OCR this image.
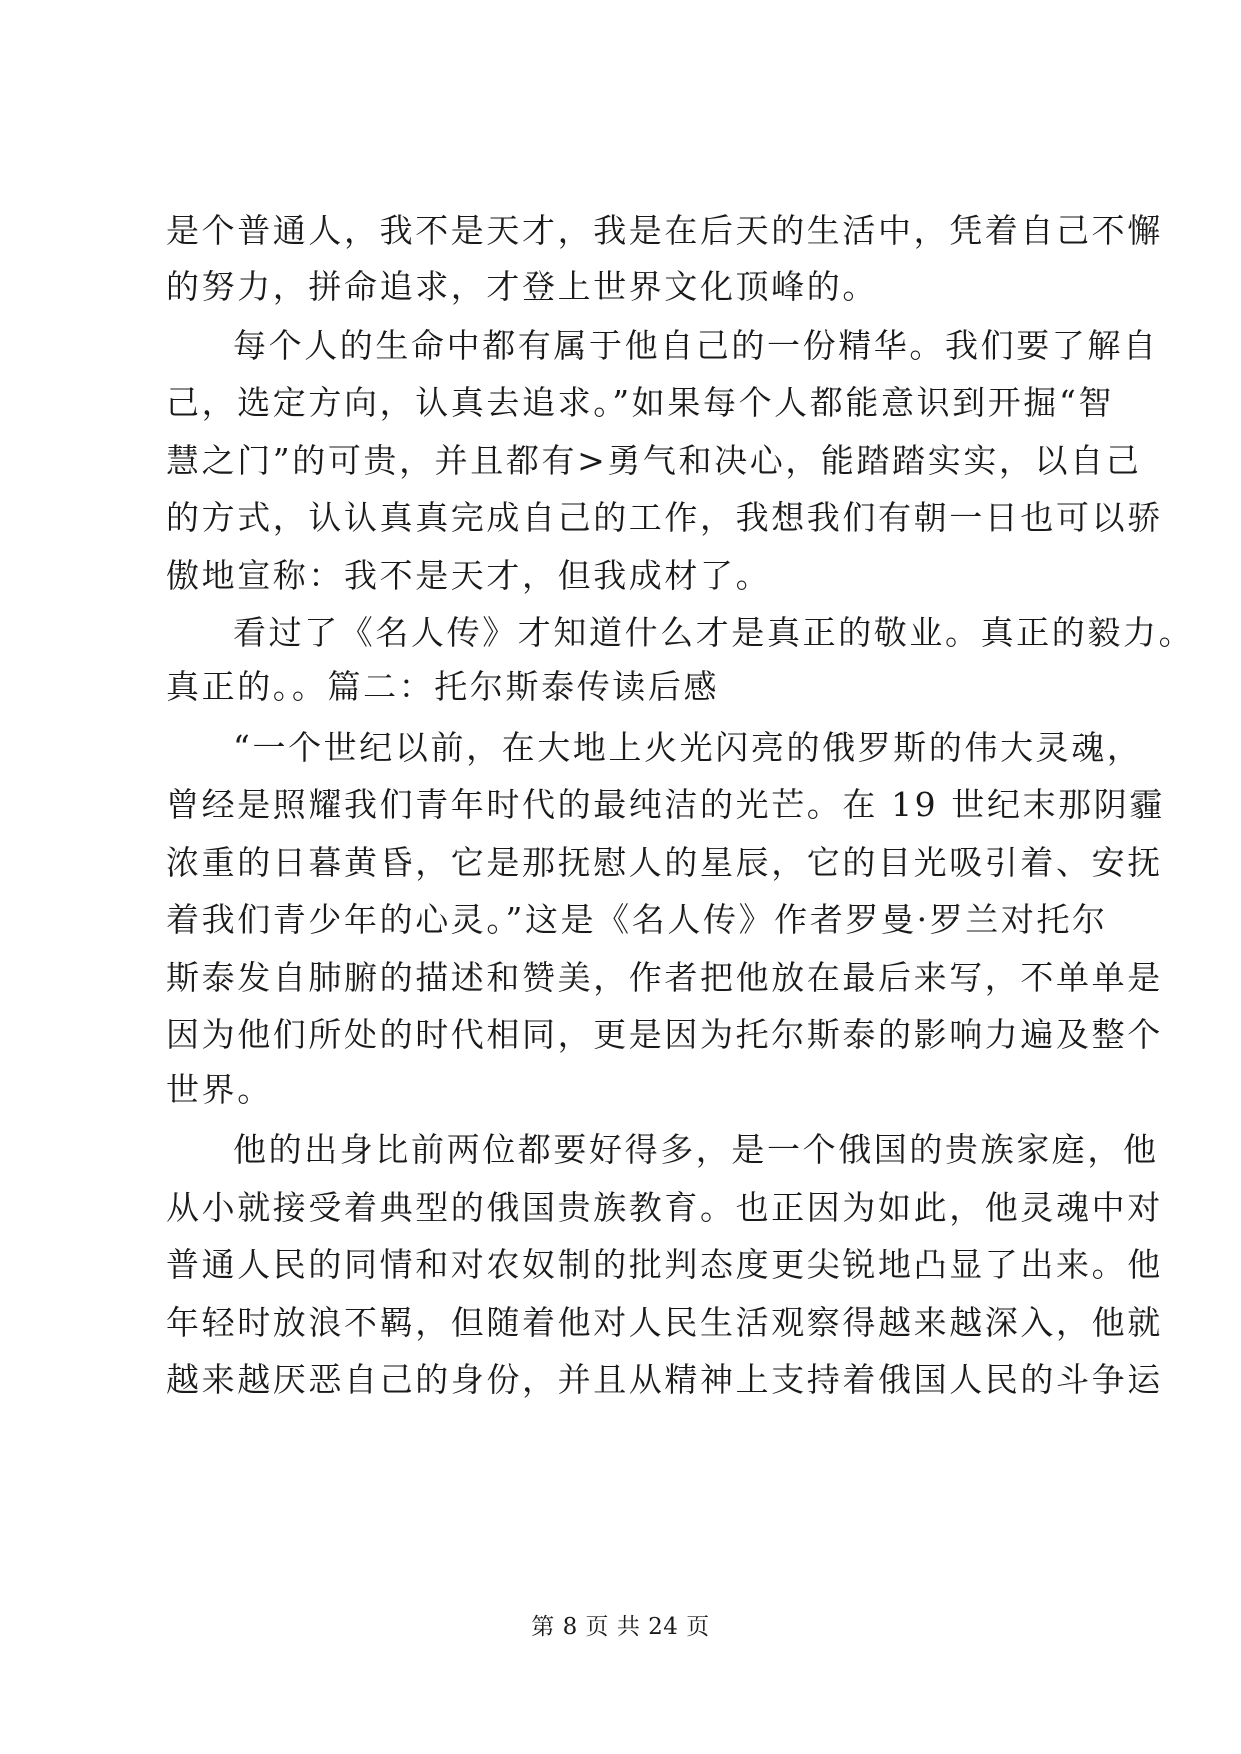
是个普通人，我不是天才，我是在后天的生活中，凭着自己不懈
的努力，拼命追求，才登上世界文化顶峰的。
每个人的生命中都有属于他自己的一份精华。我们要了解自
己，选定方向，认真去追求。”如果每个人都能意识到开掘“智
慧之门”的可贵，并且都有>勇气和决心，能踏踏实实，以自己
的方式，认认真真完成自己的工作，我想我们有朝一日也可以骄
傲地宣称：我不是天才，但我成材了。
看过了《名人传》才知道什么才是真正的敬业。真正的毅力。
真正的。。篇二：托尔斯泰传读后感
“一个世纪以前，在大地上火光闪亮的俄罗斯的伟大灵魂，
曾经是照耀我们青年时代的最纯洁的光芒。在 19 世纪末那阴霾
浓重的日暮黄昏，它是那抚慰人的星辰，它的目光吸引着、安抚
着我们青少年的心灵。”这是《名人传》作者罗曼·罗兰对托尔
斯泰发自肺腑的描述和赞美，作者把他放在最后来写，不单单是
因为他们所处的时代相同，更是因为托尔斯泰的影响力遍及整个
世界。
他的出身比前两位都要好得多，是一个俄国的贵族家庭，他
从小就接受着典型的俄国贵族教育。也正因为如此，他灵魂中对
普通人民的同情和对农奴制的批判态度更尖锐地凸显了出来。他
年轻时放浪不羁，但随着他对人民生活观察得越来越深入，他就
越来越厌恶自己的身份，并且从精神上支持着俄国人民的斗争运
第 8 页 共 24 页
